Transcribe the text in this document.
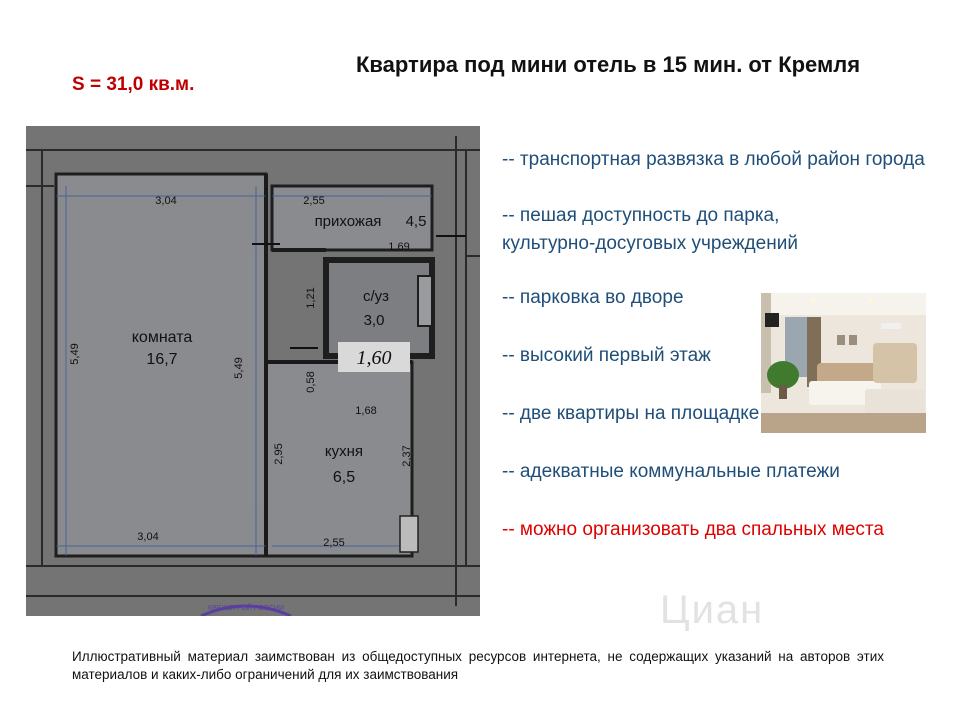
Квартира под мини отель в 15 мин. от Кремля
S = 31,0 кв.м.
комната
16,7
прихожая 4,5
с/уз
3,0
кухня
6,5
3,04	2,55
1,69
1,21
5,49
5,49
0,58
1,68
2,95	2,37
3,04	2,55
1,60
КВЕЖСТРОЙ РОССИИ
-- транспортная развязка в любой район города
-- пешая доступность до парка, культурно-досуговых учреждений
-- парковка во дворе
-- высокий первый этаж
-- две квартиры на площадке
-- адекватные коммунальные платежи
-- можно организовать два спальных места
Циан
Иллюстративный материал заимствован из общедоступных ресурсов интернета, не содержащих указаний на авторов этих материалов и каких-либо ограничений для их заимствования
